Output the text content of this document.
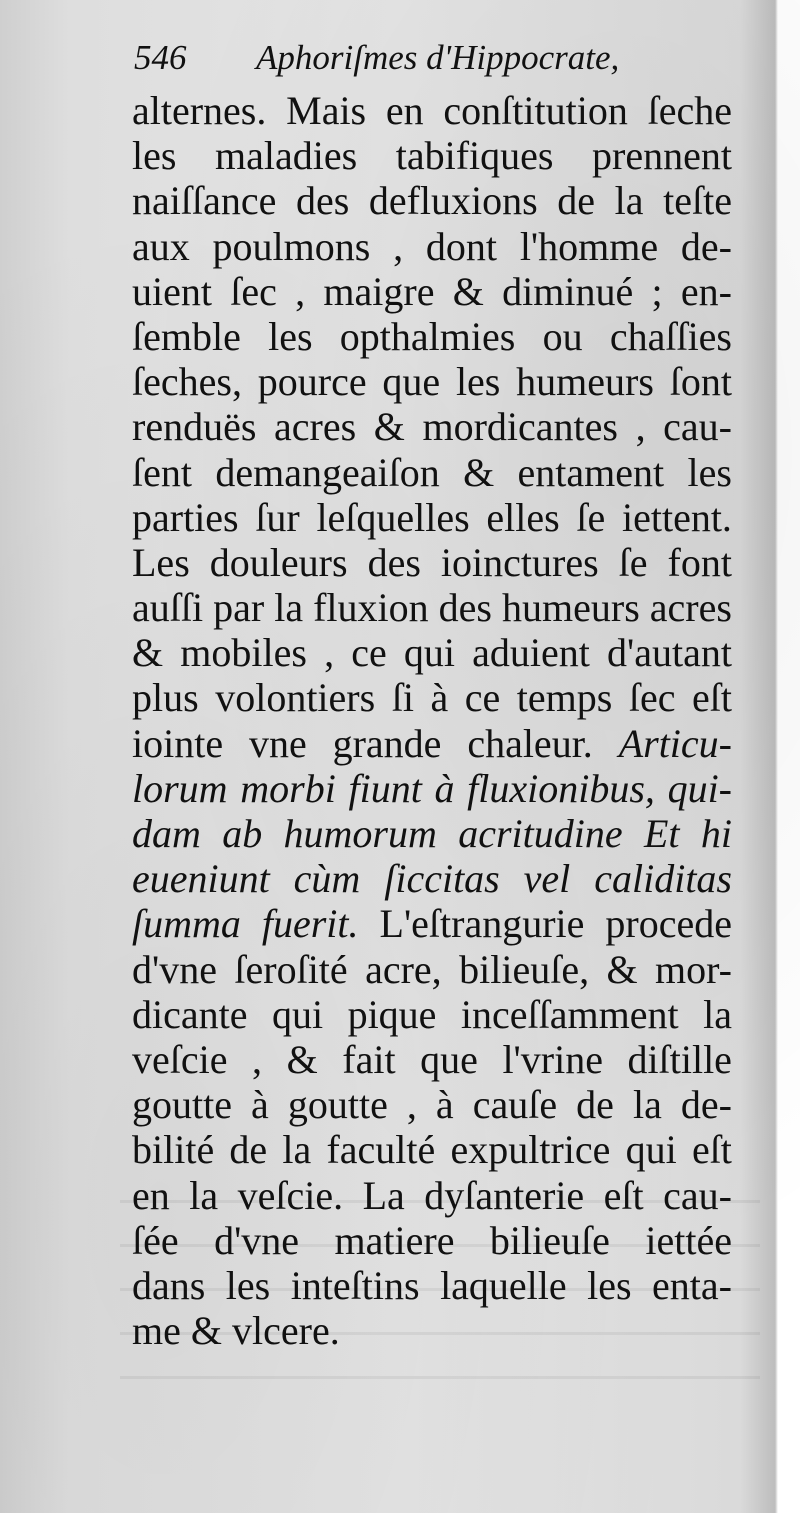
546 Aphoriſmes d'Hippocrate,
alternes. Mais en conſtitution ſeche
les maladies tabifiques prennent
naiſſance des defluxions de la teſte
aux poulmons , dont l'homme de-
uient ſec , maigre & diminué ; en-
ſemble les opthalmies ou chaſſies
ſeches, pource que les humeurs ſont
renduës acres & mordicantes , cau-
ſent demangeaiſon & entament les
parties ſur leſquelles elles ſe iettent.
Les douleurs des ioinctures ſe font
auſſi par la fluxion des humeurs acres
& mobiles , ce qui aduient d'autant
plus volontiers ſi à ce temps ſec eſt
iointe vne grande chaleur. Articu-
lorum morbi fiunt à fluxionibus, qui-
dam ab humorum acritudine Et hi
eueniunt cùm ſiccitas vel caliditas
ſumma fuerit. L'eſtrangurie procede
d'vne ſeroſité acre, bilieuſe, & mor-
dicante qui pique inceſſamment la
veſcie , & fait que l'vrine diſtille
goutte à goutte , à cauſe de la de-
bilité de la faculté expultrice qui eſt
en la veſcie. La dyſanterie eſt cau-
ſée d'vne matiere bilieuſe iettée
dans les inteſtins laquelle les enta-
me & vlcere.
